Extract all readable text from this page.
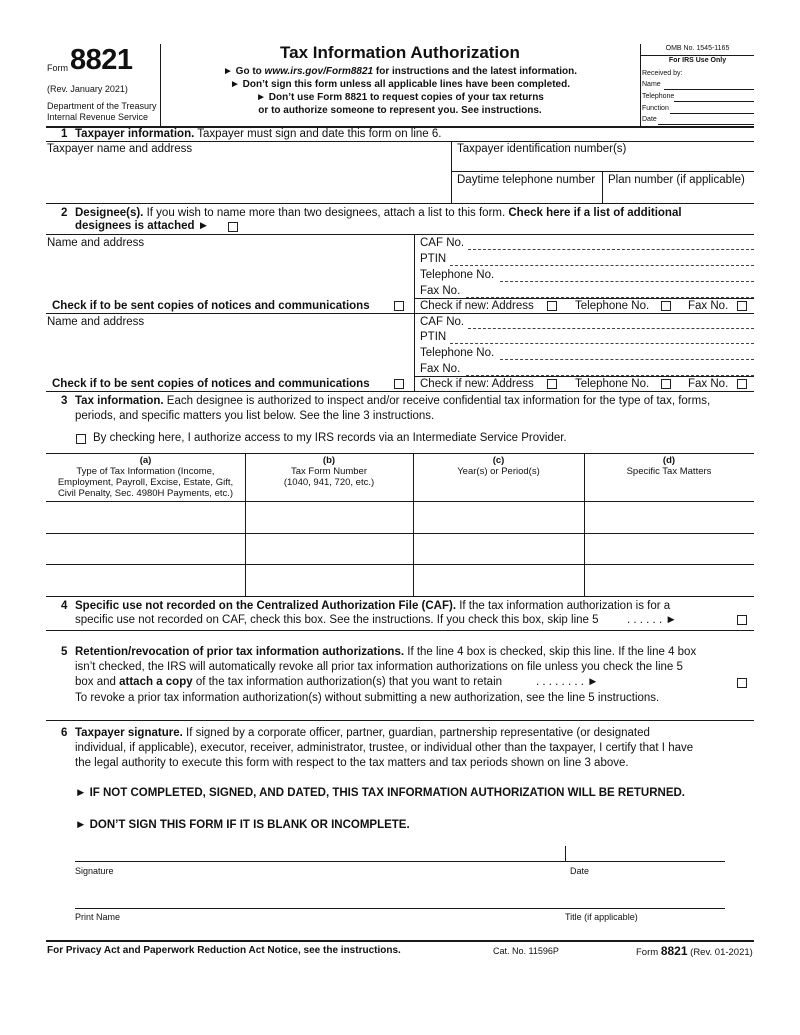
Form 8821
(Rev. January 2021)
Department of the Treasury
Internal Revenue Service
Tax Information Authorization
► Go to www.irs.gov/Form8821 for instructions and the latest information.
► Don’t sign this form unless all applicable lines have been completed.
► Don’t use Form 8821 to request copies of your tax returns
or to authorize someone to represent you. See instructions.
OMB No. 1545-1165
For IRS Use Only
Received by:
Name
Telephone
Function
Date
1 Taxpayer information. Taxpayer must sign and date this form on line 6.
Taxpayer name and address	Taxpayer identification number(s)
Daytime telephone number Plan number (if applicable)
2 Designee(s). If you wish to name more than two designees, attach a list to this form. Check here if a list of additional
designees is attached ►
Name and address	CAF No.
PTIN
Telephone No.
Fax No.
Check if to be sent copies of notices and communications	Check if new: Address	Telephone No.	Fax No.
Name and address	CAF No.
PTIN
Telephone No.
Fax No.
Check if to be sent copies of notices and communications	Check if new: Address	Telephone No.	Fax No.
3 Tax information. Each designee is authorized to inspect and/or receive confidential tax information for the type of tax, forms,
periods, and specific matters you list below. See the line 3 instructions.
By checking here, I authorize access to my IRS records via an Intermediate Service Provider.
(a)
Type of Tax Information (Income,
Employment, Payroll, Excise, Estate, Gift,
Civil Penalty, Sec. 4980H Payments, etc.)
(b)
Tax Form Number
(1040, 941, 720, etc.)
(c)
Year(s) or Period(s)
(d)
Specific Tax Matters
4 Specific use not recorded on the Centralized Authorization File (CAF). If the tax information authorization is for a
specific use not recorded on CAF, check this box. See the instructions. If you check this box, skip line 5 . . . . . . ►
5 Retention/revocation of prior tax information authorizations. If the line 4 box is checked, skip this line. If the line 4 box
isn’t checked, the IRS will automatically revoke all prior tax information authorizations on file unless you check the line 5
box and attach a copy of the tax information authorization(s) that you want to retain	. . . . . . . . ►
To revoke a prior tax information authorization(s) without submitting a new authorization, see the line 5 instructions.
6 Taxpayer signature. If signed by a corporate officer, partner, guardian, partnership representative (or designated
individual, if applicable), executor, receiver, administrator, trustee, or individual other than the taxpayer, I certify that I have
the legal authority to execute this form with respect to the tax matters and tax periods shown on line 3 above.
► IF NOT COMPLETED, SIGNED, AND DATED, THIS TAX INFORMATION AUTHORIZATION WILL BE RETURNED.
► DON’T SIGN THIS FORM IF IT IS BLANK OR INCOMPLETE.
Signature	Date
Print Name	Title (if applicable)
For Privacy Act and Paperwork Reduction Act Notice, see the instructions.	Cat. No. 11596P	Form 8821 (Rev. 01-2021)
